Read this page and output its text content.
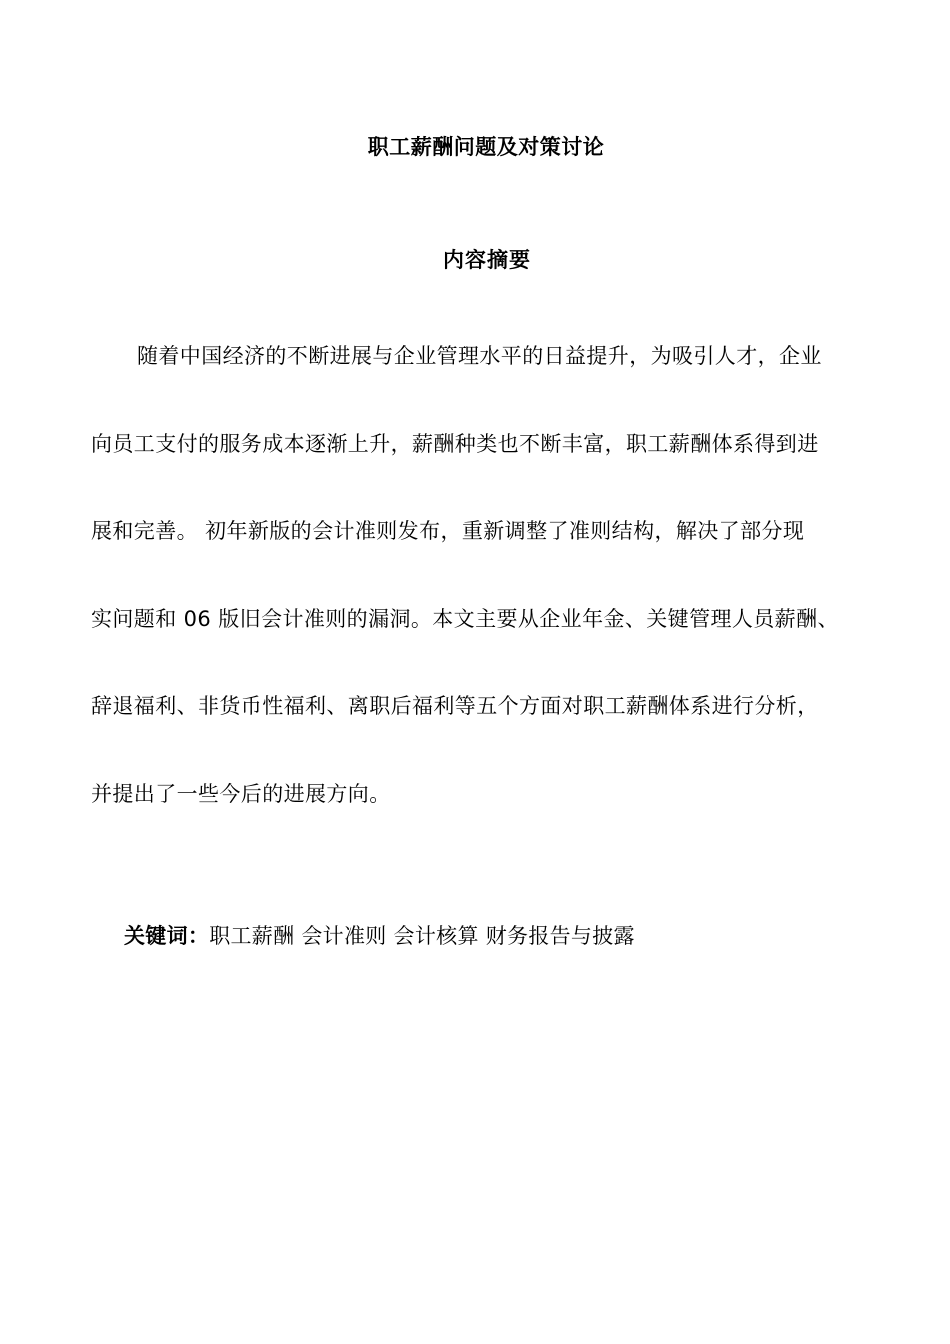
职工薪酬问题及对策讨论
内容摘要
随着中国经济的不断进展与企业管理水平的日益提升，为吸引人才，企业
向员工支付的服务成本逐渐上升，薪酬种类也不断丰富，职工薪酬体系得到进
展和完善。 初年新版的会计准则发布，重新调整了准则结构，解决了部分现
实问题和 06 版旧会计准则的漏洞。本文主要从企业年金、关键管理人员薪酬、
辞退福利、非货币性福利、离职后福利等五个方面对职工薪酬体系进行分析，
并提出了一些今后的进展方向。
关键词：职工薪酬 会计准则 会计核算 财务报告与披露
